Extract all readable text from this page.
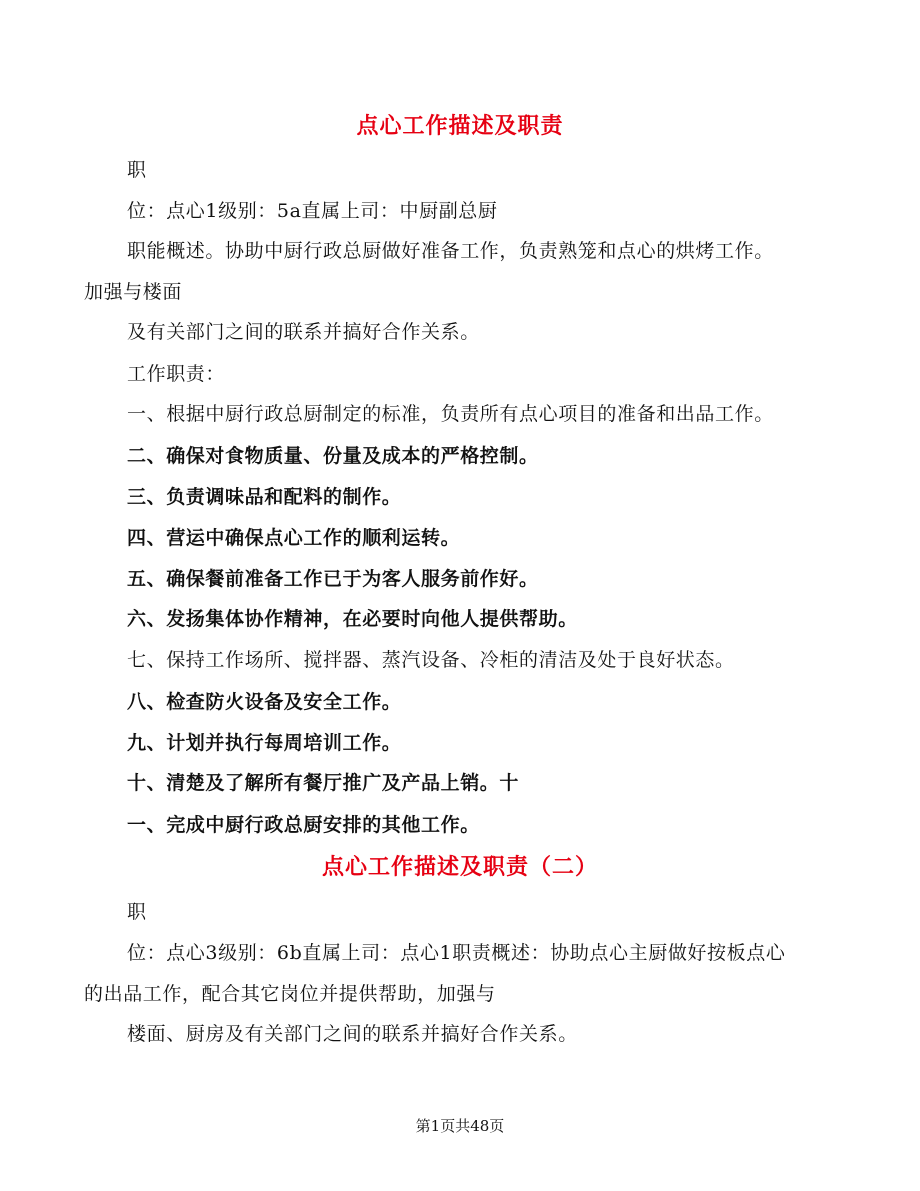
点心工作描述及职责
职
位：点心1级别：5a直属上司：中厨副总厨
职能概述。协助中厨行政总厨做好准备工作，负责熟笼和点心的烘烤工作。
加强与楼面
及有关部门之间的联系并搞好合作关系。
工作职责：
一、根据中厨行政总厨制定的标准，负责所有点心项目的准备和出品工作。
二、确保对食物质量、份量及成本的严格控制。
三、负责调味品和配料的制作。
四、营运中确保点心工作的顺利运转。
五、确保餐前准备工作已于为客人服务前作好。
六、发扬集体协作精神，在必要时向他人提供帮助。
七、保持工作场所、搅拌器、蒸汽设备、冷柜的清洁及处于良好状态。
八、检查防火设备及安全工作。
九、计划并执行每周培训工作。
十、清楚及了解所有餐厅推广及产品上销。十
一、完成中厨行政总厨安排的其他工作。
点心工作描述及职责（二）
职
位：点心3级别：6b直属上司：点心1职责概述：协助点心主厨做好按板点心
的出品工作，配合其它岗位并提供帮助，加强与
楼面、厨房及有关部门之间的联系并搞好合作关系。
第1页共48页
